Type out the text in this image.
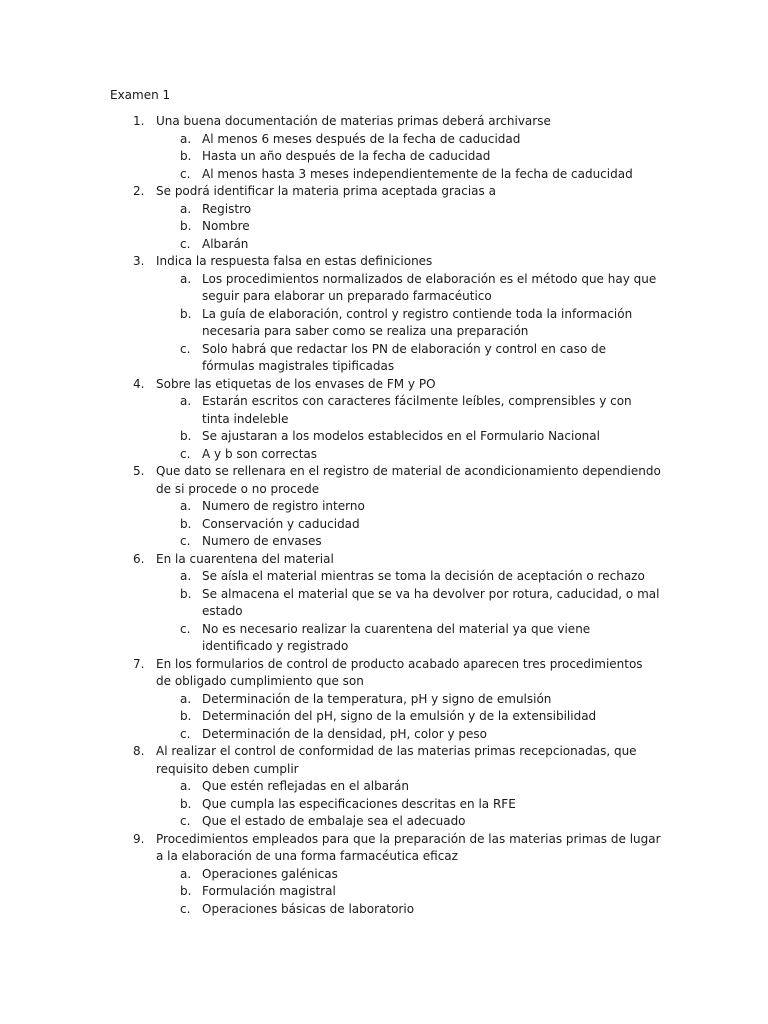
Examen 1
1. Una buena documentación de materias primas deberá archivarse
a. Al menos 6 meses después de la fecha de caducidad
b. Hasta un año después de la fecha de caducidad
c. Al menos hasta 3 meses independientemente de la fecha de caducidad
2. Se podrá identificar la materia prima aceptada gracias a
a. Registro
b. Nombre
c. Albarán
3. Indica la respuesta falsa en estas definiciones
a. Los procedimientos normalizados de elaboración es el método que hay que seguir para elaborar un preparado farmacéutico
b. La guía de elaboración, control y registro contiende toda la información necesaria para saber como se realiza una preparación
c. Solo habrá que redactar los PN de elaboración y control en caso de fórmulas magistrales tipificadas
4. Sobre las etiquetas de los envases de FM y PO
a. Estarán escritos con caracteres fácilmente leíbles, comprensibles y con tinta indeleble
b. Se ajustaran a los modelos establecidos en el Formulario Nacional
c. A y b son correctas
5. Que dato se rellenara en el registro de material de acondicionamiento dependiendo de si procede o no procede
a. Numero de registro interno
b. Conservación y caducidad
c. Numero de envases
6. En la cuarentena del material
a. Se aísla el material mientras se toma la decisión de aceptación o rechazo
b. Se almacena el material que se va ha devolver por rotura, caducidad, o mal estado
c. No es necesario realizar la cuarentena del material ya que viene identificado y registrado
7. En los formularios de control de producto acabado aparecen tres procedimientos de obligado cumplimiento que son
a. Determinación de la temperatura, pH y signo de emulsión
b. Determinación del pH, signo de la emulsión y de la extensibilidad
c. Determinación de la densidad, pH, color y peso
8. Al realizar el control de conformidad de las materias primas recepcionadas, que requisito deben cumplir
a. Que estén reflejadas en el albarán
b. Que cumpla las especificaciones descritas en la RFE
c. Que el estado de embalaje sea el adecuado
9. Procedimientos empleados para que la preparación de las materias primas de lugar a la elaboración de una forma farmacéutica eficaz
a. Operaciones galénicas
b. Formulación magistral
c. Operaciones básicas de laboratorio
